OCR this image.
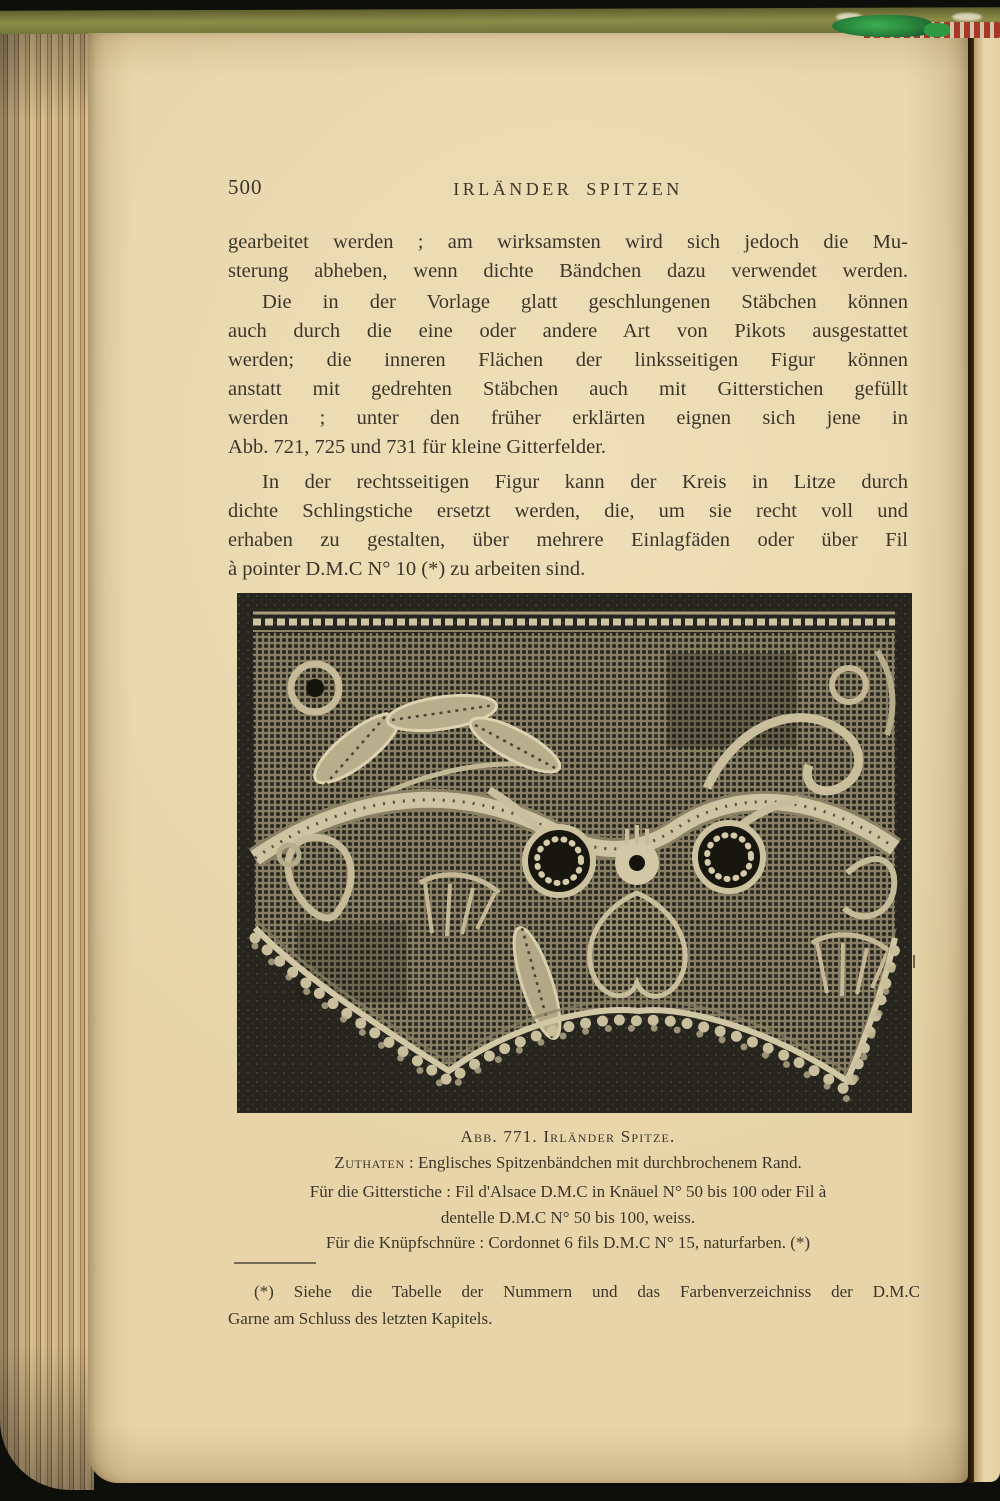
500	IRLÄNDER SPITZEN
gearbeitet werden ; am wirksamsten wird sich jedoch die Mu-
sterung abheben, wenn dichte Bändchen dazu verwendet werden.
Die in der Vorlage glatt geschlungenen Stäbchen können
auch durch die eine oder andere Art von Pikots ausgestattet
werden; die inneren Flächen der linksseitigen Figur können
anstatt mit gedrehten Stäbchen auch mit Gitterstichen gefüllt
werden ; unter den früher erklärten eignen sich jene in
Abb. 721, 725 und 731 für kleine Gitterfelder.
In der rechtsseitigen Figur kann der Kreis in Litze durch
dichte Schlingstiche ersetzt werden, die, um sie recht voll und
erhaben zu gestalten, über mehrere Einlagfäden oder über Fil
à pointer D.M.C N° 10 (*) zu arbeiten sind.
Abb. 771. Irländer Spitze.
Zuthaten : Englisches Spitzenbändchen mit durchbrochenem Rand.
Für die Gitterstiche : Fil d'Alsace D.M.C in Knäuel N° 50 bis 100 oder Fil à
dentelle D.M.C N° 50 bis 100, weiss.
Für die Knüpfschnüre : Cordonnet 6 fils D.M.C N° 15, naturfarben. (*)
(*) Siehe die Tabelle der Nummern und das Farbenverzeichniss der D.M.C
Garne am Schluss des letzten Kapitels.
